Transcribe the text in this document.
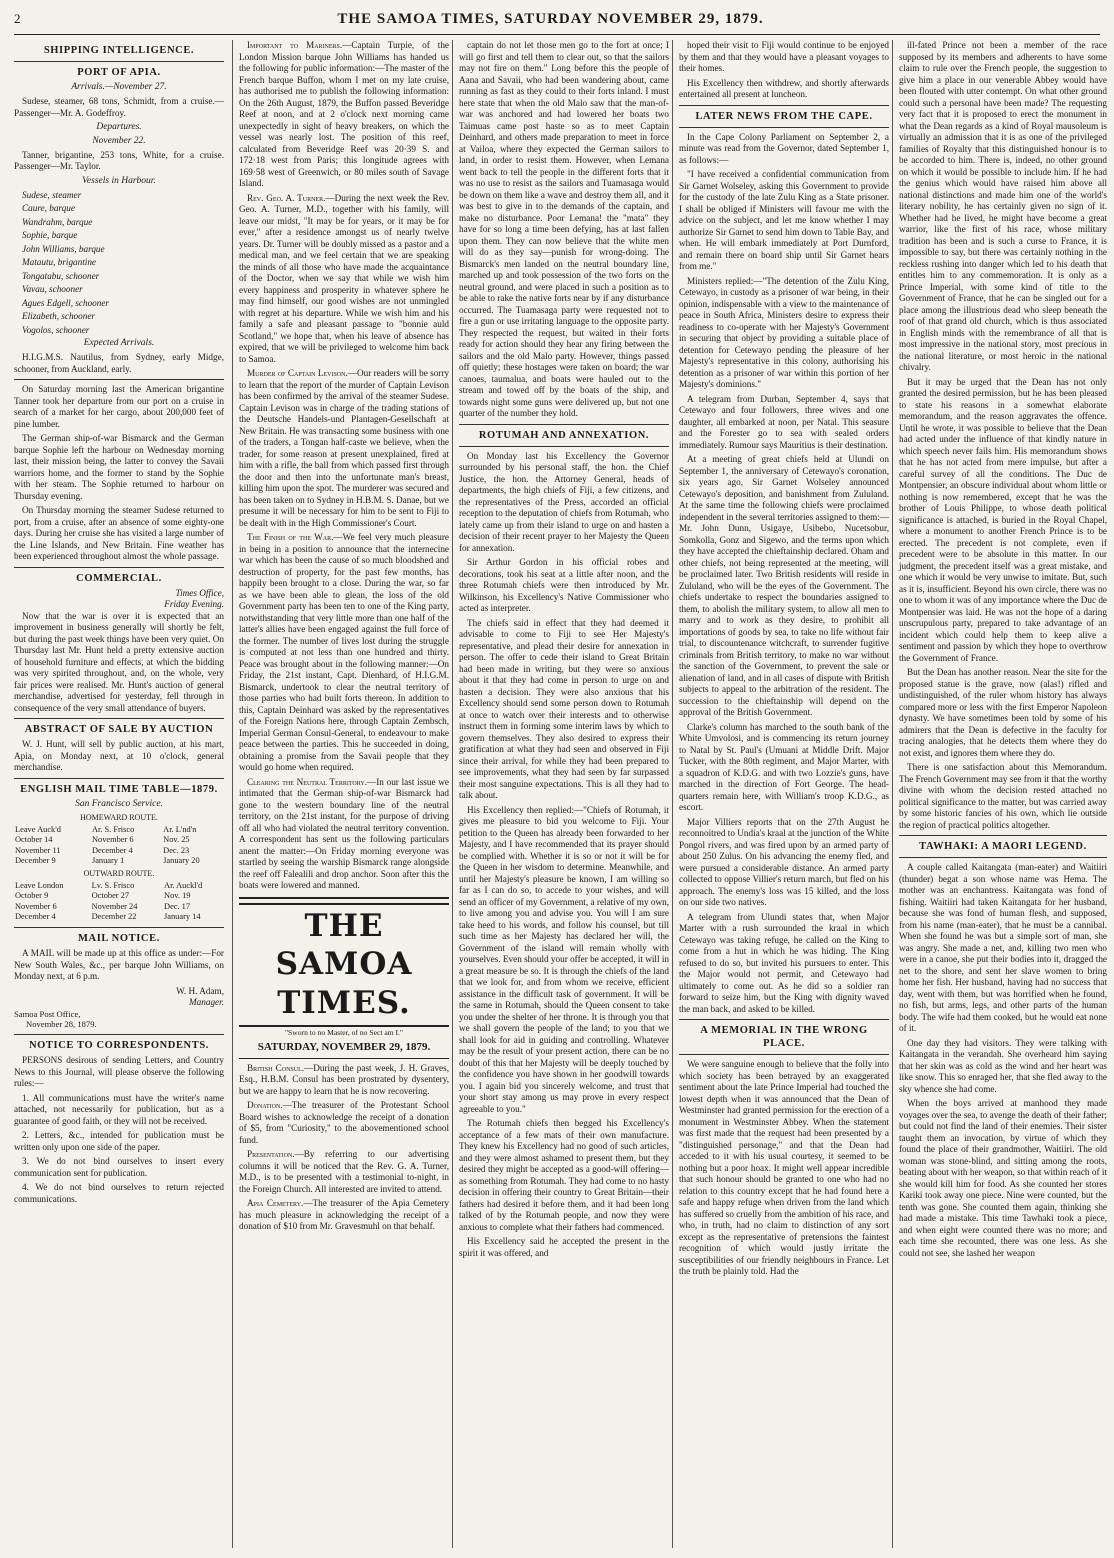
2	THE SAMOA TIMES, SATURDAY NOVEMBER 29, 1879.
SHIPPING INTELLIGENCE.
PORT OF APIA.
Arrivals.—November 27.

Sudese, steamer, 68 tons, Schmidt, from a cruise.—Passenger—Mr. A. Godeffroy.

Departures.
November 22.

Tanner, brigantine, 253 tons, White, for a cruise. Passenger—Mr. Taylor.

Vessels in Harbour.
Sudese, steamer
Caure, barque
Wandrahm, barque
Sophie, barque
John Williams, barque
Matautu, brigantine
Tongatabu, schooner
Vavau, schooner
Agues Edgell, schooner
Elizabeth, schooner
Vogolos, schooner
Expected Arrivals.

H.I.G.M.S. Nautilus, from Sydney, early Midge, schooner, from Auckland, early.

On Saturday morning last the American brigantine Tanner took her departure from our port on a cruise in search of a market for her cargo, about 200,000 feet of pine lumber.

The German ship-of-war Bismarck and the German barque Sophie left the harbour on Wednesday morning last, their mission being, the latter to convey the Savaii warriors home, and the former to stand by the Sophie with her steam. The Sophie returned to harbour on Thursday evening.

On Thursday morning the steamer Sudese returned to port, from a cruise, after an absence of some eighty-one days. During her cruise she has visited a large number of the Line Islands, and New Britain. Fine weather has been experienced throughout almost the whole passage.

COMMERCIAL.
Times Office,
Friday Evening.

Now that the war is over it is expected that an improvement in business generally will shortly be felt, but during the past week things have been very quiet. On Thursday last Mr. Hunt held a pretty extensive auction of household furniture and effects, at which the bidding was very spirited throughout, and, on the whole, very fair prices were realised. Mr. Hunt's auction of general merchandise, advertised for yesterday, fell through in consequence of the very small attendance of buyers.

ABSTRACT OF SALE BY AUCTION

W. J. Hunt, will sell by public auction, at his mart, Apia, on Monday next, at 10 o'clock, general merchandise.

ENGLISH MAIL TIME TABLE—1879.
San Francisco Service.
HOMEWARD ROUTE.
Leave Auck'd	Ar. S. Frisco	Ar. L'nd'n
October 14	November 6	Nov. 25
November 11	December 4	Dec. 23
December 9	January 1	January 20
OUTWARD ROUTE.
Leave London	Lv. S. Frisco	Ar. Auckl'd
October 9	October 27	Nov. 19
November 6	November 24	Dec. 17
December 4	December 22	January 14
MAIL NOTICE.

A MAIL will be made up at this office as under:—For New South Wales, &c., per barque John Williams, on Monday next, at 6 p.m.

W. H. Adam,
Manager.
Samoa Post Office,
November 28, 1879.
NOTICE TO CORRESPONDENTS.

PERSONS desirous of sending Letters, and Country News to this Journal, will please observe the following rules:—

1. All communications must have the writer's name attached, not necessarily for publication, but as a guarantee of good faith, or they will not be received.

2. Letters, &c., intended for publication must be written only upon one side of the paper.

3. We do not bind ourselves to insert every communication sent for publication.

4. We do not bind ourselves to return rejected communications.

Important to Mariners.—Captain Turpie, of the London Mission barque John Williams has handed us the following for public information:—The master of the French barque Buffon, whom I met on my late cruise, has authorised me to publish the following information: On the 26th August, 1879, the Buffon passed Beveridge Reef at noon, and at 2 o'clock next morning came unexpectedly in sight of heavy breakers, on which the vessel was nearly lost. The position of this reef, calculated from Beveridge Reef was 20·39 S. and 172·18 west from Paris; this longitude agrees with 169·58 west of Greenwich, or 80 miles south of Savage Island.

Rev. Geo. A. Turner.—During the next week the Rev. Geo. A. Turner, M.D., together with his family, will leave our midst, "It may be for years, or it may be for ever," after a residence amongst us of nearly twelve years. Dr. Turner will be doubly missed as a pastor and a medical man, and we feel certain that we are speaking the minds of all those who have made the acquaintance of the Doctor, when we say that while we wish him every happiness and prosperity in whatever sphere he may find himself, our good wishes are not unmingled with regret at his departure. While we wish him and his family a safe and pleasant passage to "bonnie auld Scotland," we hope that, when his leave of absence has expired, that we will be privileged to welcome him back to Samoa.

Murder of Captain Levison.—Our readers will be sorry to learn that the report of the murder of Captain Levison has been confirmed by the arrival of the steamer Sudese. Captain Levison was in charge of the trading stations of the Deutsche Handels-und Plantagen-Gesellschaft at New Britain. He was transacting some business with one of the traders, a Tongan half-caste we believe, when the trader, for some reason at present unexplained, fired at him with a rifle, the ball from which passed first through the door and then into the unfortunate man's breast, killing him upon the spot. The murderer was secured and has been taken on to Sydney in H.B.M. S. Danae, but we presume it will be necessary for him to be sent to Fiji to be dealt with in the High Commissioner's Court.

The Finish of the War.—We feel very much pleasure in being in a position to announce that the internecine war which has been the cause of so much bloodshed and destruction of property, for the past few months, has happily been brought to a close. During the war, so far as we have been able to glean, the loss of the old Government party has been ten to one of the King party, notwithstanding that very little more than one half of the latter's allies have been engaged against the full force of the former. The number of lives lost during the struggle is computed at not less than one hundred and thirty. Peace was brought about in the following manner:—On Friday, the 21st instant, Capt. Dienhard, of H.I.G.M. Bismarck, undertook to clear the neutral territory of those parties who had built forts thereon. In addition to this, Captain Deinhard was asked by the representatives of the Foreign Nations here, through Captain Zembsch, Imperial German Consul-General, to endeavour to make peace between the parties. This he succeeded in doing, obtaining a promise from the Savaii people that they would go home when required.

Clearing the Neutral Territory.—In our last issue we intimated that the German ship-of-war Bismarck had gone to the western boundary line of the neutral territory, on the 21st instant, for the purpose of driving off all who had violated the neutral territory convention. A correspondent has sent us the following particulars anent the matter:—On Friday morning everyone was startled by seeing the warship Bismarck range alongside the reef off Falealili and drop anchor. Soon after this the boats were lowered and manned.

THE SAMOA TIMES.
"Sworn to no Master, of no Sect am I."
SATURDAY, NOVEMBER 29, 1879.

British Consul.—During the past week, J. H. Graves, Esq., H.B.M. Consul has been prostrated by dysentery, but we are happy to learn that he is now recovering.

Donation.—The treasurer of the Protestant School Board wishes to acknowledge the receipt of a donation of $5, from "Curiosity," to the abovementioned school fund.

Presentation.—By referring to our advertising columns it will be noticed that the Rev. G. A. Turner, M.D., is to be presented with a testimonial to-night, in the Foreign Church. All interested are invited to attend.

Apia Cemetery.—The treasurer of the Apia Cemetery has much pleasure in acknowledging the receipt of a donation of $10 from Mr. Gravesmuhl on that behalf.

captain do not let those men go to the fort at once; I will go first and tell them to clear out, so that the sailors may not fire on them." Long before this the people of Aana and Savaii, who had been wandering about, came running as fast as they could to their forts inland. I must here state that when the old Malo saw that the man-of-war was anchored and had lowered her boats two Taimuas came post haste so as to meet Captain Deinhard, and others made preparation to meet in force at Vailoa, where they expected the German sailors to land, in order to resist them. However, when Lemana went back to tell the people in the different forts that it was no use to resist as the sailors and Tuamasaga would be down on them like a wave and destroy them all, and it was best to give in to the demands of the captain, and make no disturbance. Poor Lemana! the "mata" they have for so long a time been defying, has at last fallen upon them. They can now believe that the white men will do as they say—punish for wrong-doing. The Bismarck's men landed on the neutral boundary line, marched up and took possession of the two forts on the neutral ground, and were placed in such a position as to be able to rake the native forts near by if any disturbance occurred. The Tuamasaga party were requested not to fire a gun or use irritating language to the opposite party. They respected the request, but waited in their forts ready for action should they hear any firing between the sailors and the old Malo party. However, things passed off quietly; these hostages were taken on board; the war canoes, taumalua, and boats were hauled out to the stream and towed off by the boats of the ship, and towards night some guns were delivered up, but not one quarter of the number they hold.

ROTUMAH AND ANNEXATION.

On Monday last his Excellency the Governor surrounded by his personal staff, the hon. the Chief Justice, the hon. the Attorney General, heads of departments, the high chiefs of Fiji, a few citizens, and the representatives of the Press, accorded an official reception to the deputation of chiefs from Rotumah, who lately came up from their island to urge on and hasten a decision of their recent prayer to her Majesty the Queen for annexation.

Sir Arthur Gordon in his official robes and decorations, took his seat at a little after noon, and the three Rotumah chiefs were then introduced by Mr. Wilkinson, his Excellency's Native Commissioner who acted as interpreter.

The chiefs said in effect that they had deemed it advisable to come to Fiji to see Her Majesty's representative, and plead their desire for annexation in person. The offer to cede their island to Great Britain had been made in writing, but they were so anxious about it that they had come in person to urge on and hasten a decision. They were also anxious that his Excellency should send some person down to Rotumah at once to watch over their interests and to otherwise instruct them in forming some interim laws by which to govern themselves. They also desired to express their gratification at what they had seen and observed in Fiji since their arrival, for while they had been prepared to see improvements, what they had seen by far surpassed their most sanguine expectations. This is all they had to talk about.

His Excellency then replied:—"Chiefs of Rotumah, it gives me pleasure to bid you welcome to Fiji. Your petition to the Queen has already been forwarded to her Majesty, and I have recommended that its prayer should be complied with. Whether it is so or not it will be for the Queen in her wisdom to determine. Meanwhile, and until her Majesty's pleasure be known, I am willing so far as I can do so, to accede to your wishes, and will send an officer of my Government, a relative of my own, to live among you and advise you. You will I am sure take heed to his words, and follow his counsel, but till such time as her Majesty has declared her will, the Government of the island will remain wholly with yourselves. Even should your offer be accepted, it will in a great measure be so. It is through the chiefs of the land that we look for, and from whom we receive, efficient assistance in the difficult task of government. It will be the same in Rotumah, should the Queen consent to take you under the shelter of her throne. It is through you that we shall govern the people of the land; to you that we shall look for aid in guiding and controlling. Whatever may be the result of your present action, there can be no doubt of this that her Majesty will be deeply touched by the confidence you have shown in her goodwill towards you. I again bid you sincerely welcome, and trust that your short stay among us may prove in every respect agreeable to you."

The Rotumah chiefs then begged his Excellency's acceptance of a few mats of their own manufacture. They knew his Excellency had no good of such articles, and they were almost ashamed to present them, but they desired they might be accepted as a good-will offering—as something from Rotumah. They had come to no hasty decision in offering their country to Great Britain—their fathers had desired it before them, and it had been long talked of by the Rotumah people, and now they were anxious to complete what their fathers had commenced.

His Excellency said he accepted the present in the spirit it was offered, and

hoped their visit to Fiji would continue to be enjoyed by them and that they would have a pleasant voyages to their homes.

His Excellency then withdrew, and shortly afterwards entertained all present at luncheon.

LATER NEWS FROM THE CAPE.

In the Cape Colony Parliament on September 2, a minute was read from the Governor, dated September 1, as follows:—

"I have received a confidential communication from Sir Garnet Wolseley, asking this Government to provide for the custody of the late Zulu King as a State prisoner. I shall be obliged if Ministers will favour me with the advice on the subject, and let me know whether I may authorize Sir Garnet to send him down to Table Bay, and when. He will embark immediately at Port Durnford, and remain there on board ship until Sir Garnet hears from me."

Ministers replied:—"The detention of the Zulu King, Cetewayo, in custody as a prisoner of war being, in their opinion, indispensable with a view to the maintenance of peace in South Africa, Ministers desire to express their readiness to co-operate with her Majesty's Government in securing that object by providing a suitable place of detention for Cetewayo pending the pleasure of her Majesty's representative in this colony, authorising his detention as a prisoner of war within this portion of her Majesty's dominions."

A telegram from Durban, September 4, says that Cetewayo and four followers, three wives and one daughter, all embarked at noon, per Natal. This seasure and the Forester go to sea with sealed orders immediately. Rumour says Mauritius is their destination.

At a meeting of great chiefs held at Ulundi on September 1, the anniversary of Cetewayo's coronation, six years ago, Sir Garnet Wolseley announced Cetewayo's deposition, and banishment from Zululand. At the same time the following chiefs were proclaimed independent in the several territories assigned to them:—Mr. John Dunn, Usigaye, Usibebo, Nucetsobur, Somkolla, Gonz and Sigewo, and the terms upon which they have accepted the chieftainship declared. Oham and other chiefs, not being represented at the meeting, will be proclaimed later. Two British residents will reside in Zululand, who will be the eyes of the Government. The chiefs undertake to respect the boundaries assigned to them, to abolish the military system, to allow all men to marry and to work as they desire, to prohibit all importations of goods by sea, to take no life without fair trial, to discountenance witchcraft, to surrender fugitive criminals from British territory, to make no war without the sanction of the Government, to prevent the sale or alienation of land, and in all cases of dispute with British subjects to appeal to the arbitration of the resident. The succession to the chieftainship will depend on the approval of the British Government.

Clarke's column has marched to the south bank of the White Umvolosi, and is commencing its return journey to Natal by St. Paul's (Umuani at Middle Drift. Major Tucker, with the 80th regiment, and Major Marter, with a squadron of K.D.G. and with two Lozzie's guns, have marched in the direction of Fort George. The head-quarters remain here, with William's troop K.D.G., as escort.

Major Villiers reports that on the 27th August he reconnoitred to Undia's kraal at the junction of the White Pongol rivers, and was fired upon by an armed party of about 250 Zulus. On his advancing the enemy fled, and were pursued a considerable distance. An armed party collected to oppose Villier's return march, but fled on his approach. The enemy's loss was 15 killed, and the loss on our side two natives.

A telegram from Ulundi states that, when Major Marter with a rush surrounded the kraal in which Cetewayo was taking refuge, he called on the King to come from a hut in which he was hiding. The King refused to do so, but invited his pursuers to enter. This the Major would not permit, and Cetewayo had ultimately to come out. As he did so a soldier ran forward to seize him, but the King with dignity waved the man back, and asked to be killed.

A MEMORIAL IN THE WRONG PLACE.

We were sanguine enough to believe that the folly into which society has been betrayed by an exaggerated sentiment about the late Prince Imperial had touched the lowest depth when it was announced that the Dean of Westminster had granted permission for the erection of a monument in Westminster Abbey. When the statement was first made that the request had been presented by a "distinguished personage," and that the Dean had acceded to it with his usual courtesy, it seemed to be nothing but a poor hoax. It might well appear incredible that such honour should be granted to one who had no relation to this country except that he had found here a safe and happy refuge when driven from the land which has suffered so cruelly from the ambition of his race, and who, in truth, had no claim to distinction of any sort except as the representative of pretensions the faintest recognition of which would justly irritate the susceptibilities of our friendly neighbours in France. Let the truth be plainly told. Had the

ill-fated Prince not been a member of the race supposed by its members and adherents to have some claim to rule over the French people, the suggestion to give him a place in our venerable Abbey would have been flouted with utter contempt. On what other ground could such a personal have been made? The requesting very fact that it is proposed to erect the monument in what the Dean regards as a kind of Royal mausoleum is virtually an admission that it is as one of the privileged families of Royalty that this distinguished honour is to be accorded to him. There is, indeed, no other ground on which it would be possible to include him. If he had the genius which would have raised him above all national distinctions and made him one of the world's literary nobility, he has certainly given no sign of it. Whether had he lived, he might have become a great warrior, like the first of his race, whose military tradition has been and is such a curse to France, it is impossible to say, but there was certainly nothing in the reckless rushing into danger which led to his death that entitles him to any commemoration. It is only as a Prince Imperial, with some kind of title to the Government of France, that he can be singled out for a place among the illustrious dead who sleep beneath the roof of that grand old church, which is thus associated in English minds with the remembrance of all that is most impressive in the national story, most precious in the national literature, or most heroic in the national chivalry.

But it may be urged that the Dean has not only granted the desired permission, but he has been pleased to state his reasons in a somewhat elaborate memorandum, and the reason aggravates the offence. Until he wrote, it was possible to believe that the Dean had acted under the influence of that kindly nature in which speech never fails him. His memorandum shows that he has not acted from mere impulse, but after a careful survey of all the conditions. The Duc de Montpensier, an obscure individual about whom little or nothing is now remembered, except that he was the brother of Louis Philippe, to whose death political significance is attached, is buried in the Royal Chapel, where a monument to another French Prince is to be erected. The precedent is not complete, even if precedent were to be absolute in this matter. In our judgment, the precedent itself was a great mistake, and one which it would be very unwise to imitate. But, such as it is, insufficient. Beyond his own circle, there was no one to whom it was of any importance where the Duc de Montpensier was laid. He was not the hope of a daring unscrupulous party, prepared to take advantage of an incident which could help them to keep alive a sentiment and passion by which they hope to overthrow the Government of France.

But the Dean has another reason. Near the site for the proposed statue is the grave, now (alas!) rifled and undistinguished, of the ruler whom history has always compared more or less with the first Emperor Napoleon dynasty. We have sometimes been told by some of his admirers that the Dean is defective in the faculty for tracing analogies, that he detects them where they do not exist, and ignores them where they do.

There is one satisfaction about this Memorandum. The French Government may see from it that the worthy divine with whom the decision rested attached no political significance to the matter, but was carried away by some historic fancies of his own, which lie outside the region of practical politics altogether.

TAWHAKI: A MAORI LEGEND.

A couple called Kaitangata (man-eater) and Waitiiri (thunder) begat a son whose name was Hema. The mother was an enchantress. Kaitangata was fond of fishing. Waitiiri had taken Kaitangata for her husband, because she was fond of human flesh, and supposed, from his name (man-eater), that he must be a cannibal. When she found he was but a simple sort of man, she was angry. She made a net, and, killing two men who were in a canoe, she put their bodies into it, dragged the net to the shore, and sent her slave women to bring home her fish. Her husband, having had no success that day, went with them, but was horrified when he found, no fish, but arms, legs, and other parts of the human body. The wife had them cooked, but he would eat none of it.

One day they had visitors. They were talking with Kaitangata in the verandah. She overheard him saying that her skin was as cold as the wind and her heart was like snow. This so enraged her, that she fled away to the sky whence she had come.

When the boys arrived at manhood they made voyages over the sea, to avenge the death of their father; but could not find the land of their enemies. Their sister taught them an invocation, by virtue of which they found the place of their grandmother, Waitiiri. The old woman was stone-blind, and sitting among the roots, beating about with her weapon, so that within reach of it she would kill him for food. As she counted her stores Kariki took away one piece. Nine were counted, but the tenth was gone. She counted them again, thinking she had made a mistake. This time Tawhaki took a piece, and when eight were counted there was no more; and each time she recounted, there was one less. As she could not see, she lashed her weapon
